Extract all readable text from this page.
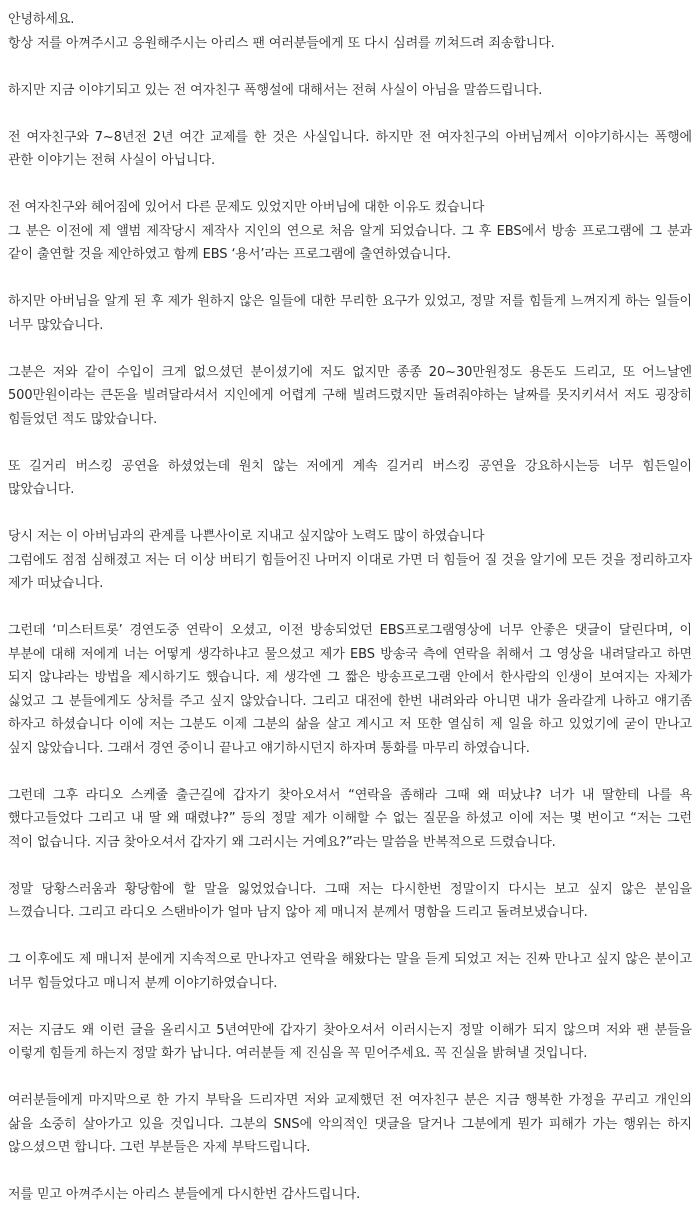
안녕하세요.
항상 저를 아껴주시고 응원해주시는 아리스 팬 여러분들에게 또 다시 심려를 끼쳐드려 죄송합니다.

하지만 지금 이야기되고 있는 전 여자친구 폭행설에 대해서는 전혀 사실이 아님을 말씀드립니다.

전 여자친구와 7~8년전 2년 여간 교제를 한 것은 사실입니다. 하지만 전 여자친구의 아버님께서 이야기하시는 폭행에 관한 이야기는 전혀 사실이 아닙니다.

전 여자친구와 헤어짐에 있어서 다른 문제도 있었지만 아버님에 대한 이유도 컸습니다
그 분은 이전에 제 앨범 제작당시 제작사 지인의 연으로 처음 알게 되었습니다. 그 후 EBS에서 방송 프로그램에 그 분과 같이 출연할 것을 제안하였고 함께 EBS ‘용서’라는 프로그램에 출연하였습니다.

하지만 아버님을 알게 된 후 제가 원하지 않은 일들에 대한 무리한 요구가 있었고, 정말 저를 힘들게 느껴지게 하는 일들이 너무 많았습니다.

그분은 저와 같이 수입이 크게 없으셨던 분이셨기에 저도 없지만 종종 20~30만원정도 용돈도 드리고, 또 어느날엔 500만원이라는 큰돈을 빌려달라셔서 지인에게 어렵게 구해 빌려드렸지만 돌려줘야하는 날짜를 못지키셔서 저도 굉장히 힘들었던 적도 많았습니다.

또 길거리 버스킹 공연을 하셨었는데 원치 않는 저에게 계속 길거리 버스킹 공연을 강요하시는등 너무 힘든일이 많았습니다.

당시 저는 이 아버님과의 관계를 나쁜사이로 지내고 싶지않아 노력도 많이 하였습니다
그럼에도 점점 심해졌고 저는 더 이상 버티기 힘들어진 나머지 이대로 가면 더 힘들어 질 것을 알기에 모든 것을 정리하고자 제가 떠났습니다.

그런데 ‘미스터트롯’ 경연도중 연락이 오셨고, 이전 방송되었던 EBS프로그램영상에 너무 안좋은 댓글이 달린다며, 이 부분에 대해 저에게 너는 어떻게 생각하냐고 물으셨고 제가 EBS 방송국 측에 연락을 취해서 그 영상을 내려달라고 하면 되지 않냐라는 방법을 제시하기도 했습니다. 제 생각엔 그 짧은 방송프로그램 안에서 한사람의 인생이 보여지는 자체가 싫었고 그 분들에게도 상처를 주고 싶지 않았습니다. 그리고 대전에 한번 내려와라 아니면 내가 올라갈게 나하고 얘기좀 하자고 하셨습니다 이에 저는 그분도 이제 그분의 삶을 살고 계시고 저 또한 열심히 제 일을 하고 있었기에 굳이 만나고 싶지 않았습니다. 그래서 경연 중이니 끝나고 얘기하시던지 하자며 통화를 마무리 하였습니다.

그런데 그후 라디오 스케줄 출근길에 갑자기 찾아오셔서 “연락을 좀해라 그때 왜 떠났냐? 너가 내 딸한테 나를 욕 했다고들었다 그리고 내 딸 왜 때렸냐?” 등의 정말 제가 이해할 수 없는 질문을 하셨고 이에 저는 몇 번이고 “저는 그런 적이 없습니다. 지금 찾아오셔서 갑자기 왜 그러시는 거예요?”라는 말씀을 반복적으로 드렸습니다.

정말 당황스러움과 황당함에 할 말을 잃었었습니다. 그때 저는 다시한번 정말이지 다시는 보고 싶지 않은 분임을 느꼈습니다. 그리고 라디오 스탠바이가 얼마 남지 않아 제 매니저 분께서 명함을 드리고 돌려보냈습니다.

그 이후에도 제 매니저 분에게 지속적으로 만나자고 연락을 해왔다는 말을 듣게 되었고 저는 진짜 만나고 싶지 않은 분이고 너무 힘들었다고 매니저 분께 이야기하였습니다.

저는 지금도 왜 이런 글을 올리시고 5년여만에 갑자기 찾아오셔서 이러시는지 정말 이해가 되지 않으며 저와 팬 분들을 이렇게 힘들게 하는지 정말 화가 납니다. 여러분들 제 진심을 꼭 믿어주세요. 꼭 진실을 밝혀낼 것입니다.

여러분들에게 마지막으로 한 가지 부탁을 드리자면 저와 교제했던 전 여자친구 분은 지금 행복한 가정을 꾸리고 개인의 삶을 소중히 살아가고 있을 것입니다. 그분의 SNS에 악의적인 댓글을 달거나 그분에게 뭔가 피해가 가는 행위는 하지 않으셨으면 합니다. 그런 부분들은 자제 부탁드립니다.

저를 믿고 아껴주시는 아리스 분들에게 다시한번 감사드립니다.
